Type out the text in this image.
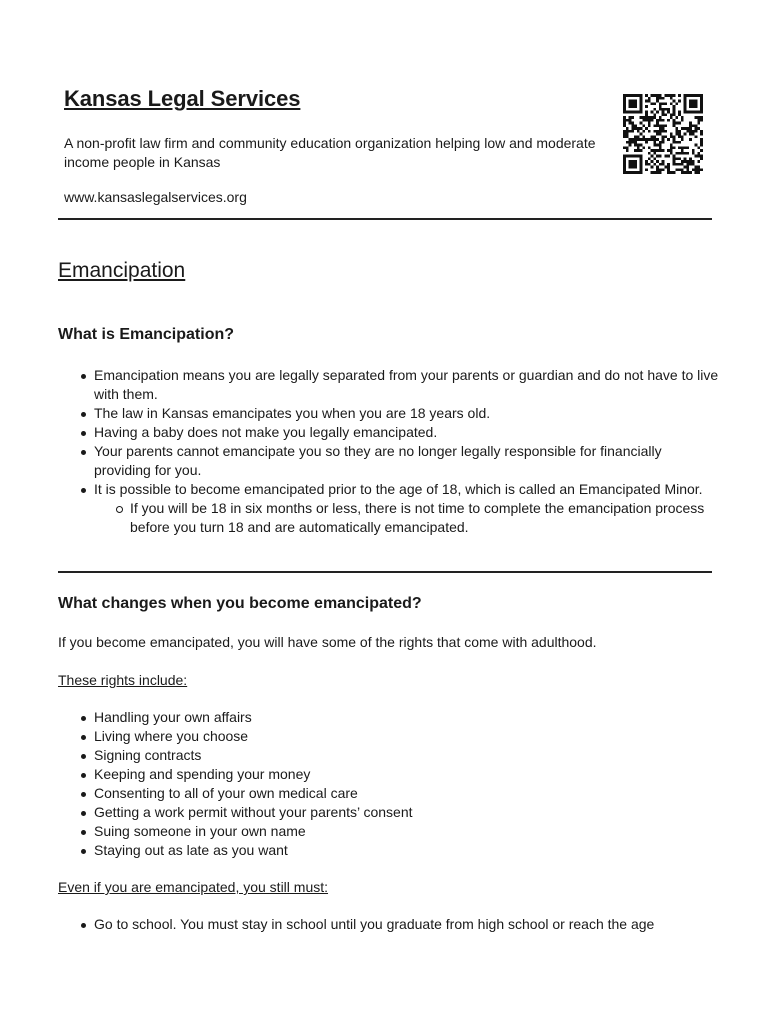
Kansas Legal Services

A non-profit law firm and community education organization helping low and moderate income people in Kansas

www.kansaslegalservices.org

Emancipation
What is Emancipation?
Emancipation means you are legally separated from your parents or guardian and do not have to live with them.
The law in Kansas emancipates you when you are 18 years old.
Having a baby does not make you legally emancipated.
Your parents cannot emancipate you so they are no longer legally responsible for financially providing for you.
It is possible to become emancipated prior to the age of 18, which is called an Emancipated Minor.
If you will be 18 in six months or less, there is not time to complete the emancipation process before you turn 18 and are automatically emancipated.
What changes when you become emancipated?

If you become emancipated, you will have some of the rights that come with adulthood.

These rights include:

Handling your own affairs
Living where you choose
Signing contracts
Keeping and spending your money
Consenting to all of your own medical care
Getting a work permit without your parents’ consent
Suing someone in your own name
Staying out as late as you want

Even if you are emancipated, you still must:

Go to school. You must stay in school until you graduate from high school or reach the age
